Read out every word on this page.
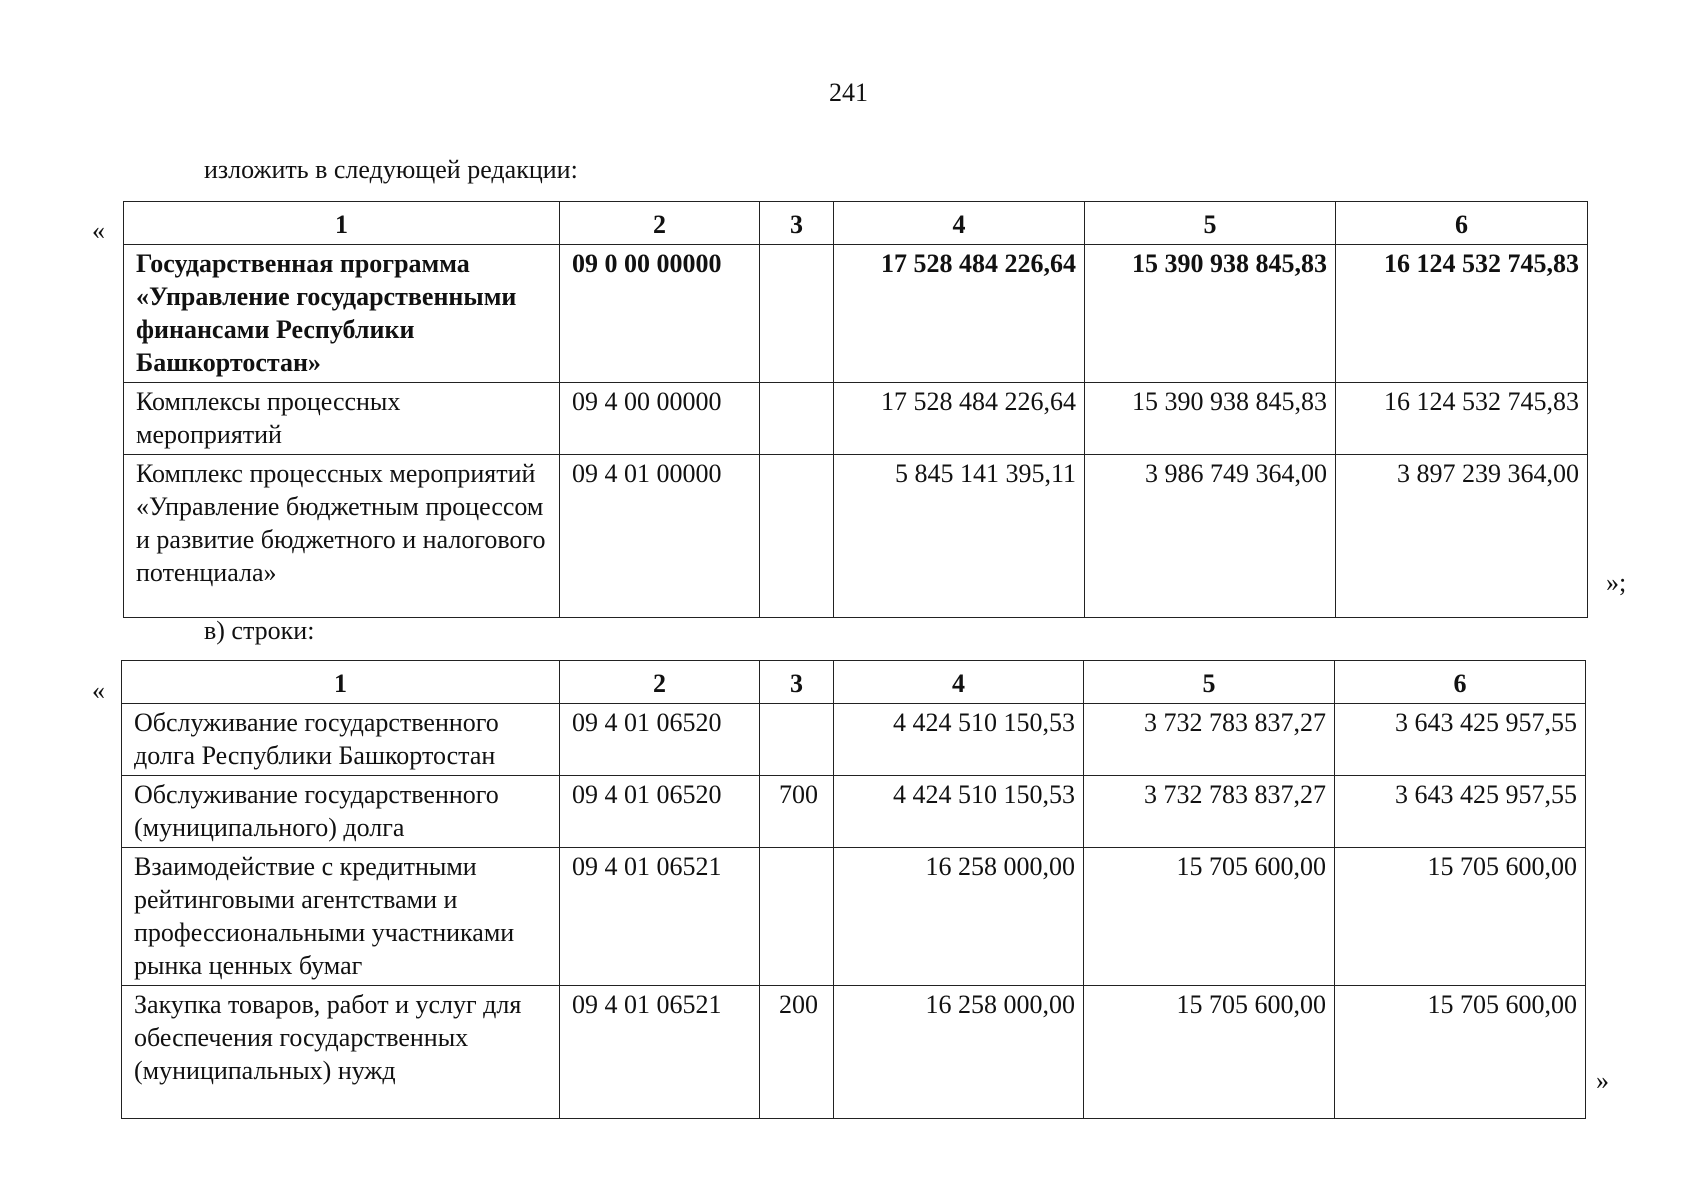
241
изложить в следующей редакции:
«	1	2	3	4	5	6
Государственная программа «Управление государственными финансами Республики Башкортостан»	09 0 00 00000		17 528 484 226,64	15 390 938 845,83	16 124 532 745,83
Комплексы процессных мероприятий	09 4 00 00000		17 528 484 226,64	15 390 938 845,83	16 124 532 745,83
Комплекс процессных мероприятий «Управление бюджетным процессом и развитие бюджетного и налогового потенциала»	09 4 01 00000		5 845 141 395,11	3 986 749 364,00	3 897 239 364,00
»;
в) строки:
«	1	2	3	4	5	6
Обслуживание государственного долга Республики Башкортостан	09 4 01 06520		4 424 510 150,53	3 732 783 837,27	3 643 425 957,55
Обслуживание государственного (муниципального) долга	09 4 01 06520	700	4 424 510 150,53	3 732 783 837,27	3 643 425 957,55
Взаимодействие с кредитными рейтинговыми агентствами и профессиональными участниками рынка ценных бумаг	09 4 01 06521		16 258 000,00	15 705 600,00	15 705 600,00
Закупка товаров, работ и услуг для обеспечения государственных (муниципальных) нужд	09 4 01 06521	200	16 258 000,00	15 705 600,00	15 705 600,00
»
